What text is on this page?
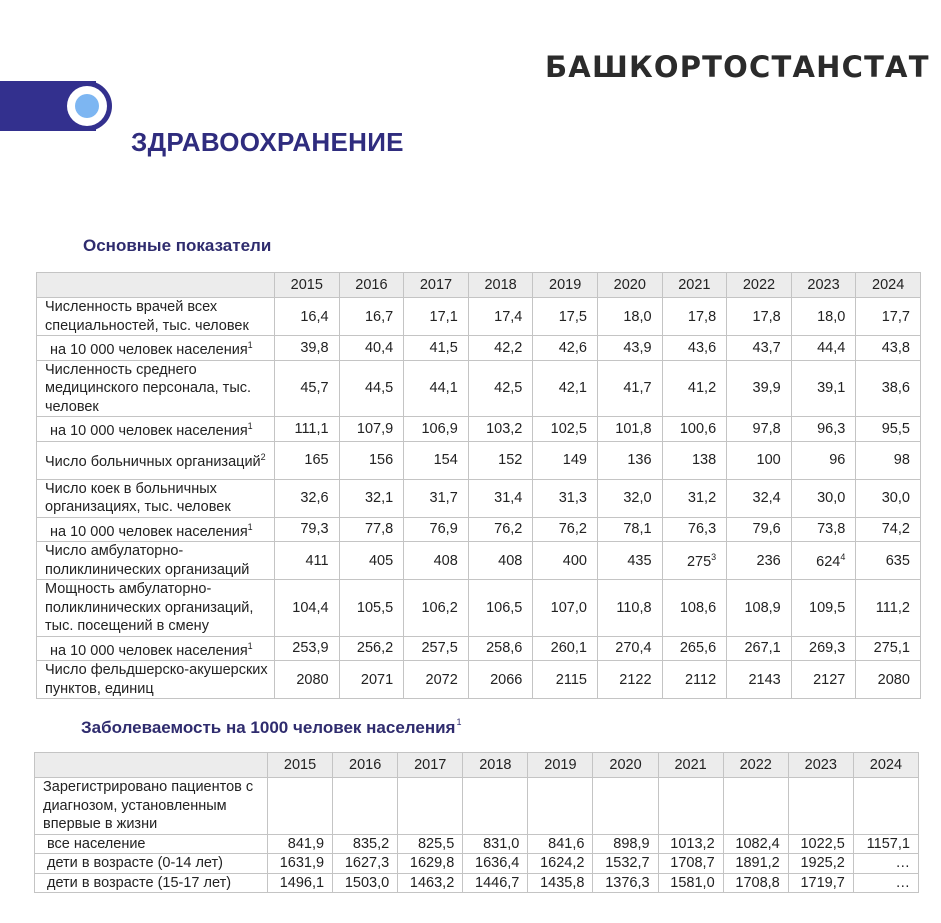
БАШКОРТОСТАНСТАТ
ЗДРАВООХРАНЕНИЕ
Основные показатели
	2015	2016	2017	2018	2019	2020	2021	2022	2023	2024
Численность врачей всех специальностей, тыс. человек	16,4	16,7	17,1	17,4	17,5	18,0	17,8	17,8	18,0	17,7
на 10 000 человек населения$^1$	39,8	40,4	41,5	42,2	42,6	43,9	43,6	43,7	44,4	43,8
Численность среднего медицинского персонала, тыс. человек	45,7	44,5	44,1	42,5	42,1	41,7	41,2	39,9	39,1	38,6
на 10 000 человек населения$^1$	111,1	107,9	106,9	103,2	102,5	101,8	100,6	97,8	96,3	95,5
Число больничных организаций$^2$	165	156	154	152	149	136	138	100	96	98
Число коек в больничных организациях, тыс. человек	32,6	32,1	31,7	31,4	31,3	32,0	31,2	32,4	30,0	30,0
на 10 000 человек населения$^1$	79,3	77,8	76,9	76,2	76,2	78,1	76,3	79,6	73,8	74,2
Число амбулаторно-поликлинических организаций	411	405	408	408	400	435	$275^3$	236	$624^4$	635
Мощность амбулаторно-поликлинических организаций, тыс. посещений в смену	104,4	105,5	106,2	106,5	107,0	110,8	108,6	108,9	109,5	111,2
на 10 000 человек населения$^1$	253,9	256,2	257,5	258,6	260,1	270,4	265,6	267,1	269,3	275,1
Число фельдшерско-акушерских пунктов, единиц	2080	2071	2072	2066	2115	2122	2112	2143	2127	2080
Заболеваемость на 1000 человек населения$^1$
	2015	2016	2017	2018	2019	2020	2021	2022	2023	2024
Зарегистрировано пациентов с диагнозом, установленным впервые в жизни										
все население	841,9	835,2	825,5	831,0	841,6	898,9	1013,2	1082,4	1022,5	1157,1
дети в возрасте (0-14 лет)	1631,9	1627,3	1629,8	1636,4	1624,2	1532,7	1708,7	1891,2	1925,2	…
дети в возрасте (15-17 лет)	1496,1	1503,0	1463,2	1446,7	1435,8	1376,3	1581,0	1708,8	1719,7	…
